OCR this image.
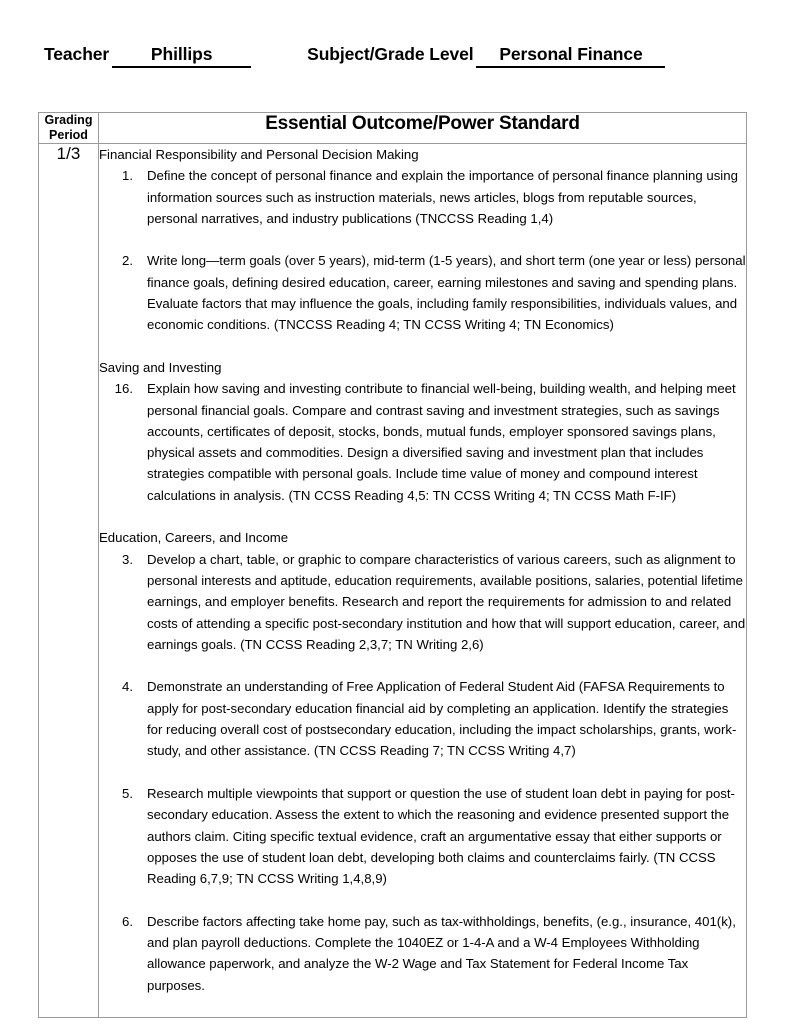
Teacher	Phillips	Subject/Grade Level	Personal Finance
Grading
Period	Essential Outcome/Power Standard
1/3	Financial Responsibility and Personal Decision Making

1. Define the concept of personal finance and explain the importance of personal finance planning using information sources such as instruction materials, news articles, blogs from reputable sources, personal narratives, and industry publications (TNCCSS Reading 1,4)

2. Write long—term goals (over 5 years), mid-term (1-5 years), and short term (one year or less) personal finance goals, defining desired education, career, earning milestones and saving and spending plans. Evaluate factors that may influence the goals, including family responsibilities, individuals values, and economic conditions. (TNCCSS Reading 4; TN CCSS Writing 4; TN Economics)

Saving and Investing

16. Explain how saving and investing contribute to financial well-being, building wealth, and helping meet personal financial goals. Compare and contrast saving and investment strategies, such as savings accounts, certificates of deposit, stocks, bonds, mutual funds, employer sponsored savings plans, physical assets and commodities. Design a diversified saving and investment plan that includes strategies compatible with personal goals. Include time value of money and compound interest calculations in analysis. (TN CCSS Reading 4,5: TN CCSS Writing 4; TN CCSS Math F-IF)

Education, Careers, and Income

3. Develop a chart, table, or graphic to compare characteristics of various careers, such as alignment to personal interests and aptitude, education requirements, available positions, salaries, potential lifetime earnings, and employer benefits. Research and report the requirements for admission to and related costs of attending a specific post-secondary institution and how that will support education, career, and earnings goals. (TN CCSS Reading 2,3,7; TN Writing 2,6)

4. Demonstrate an understanding of Free Application of Federal Student Aid (FAFSA Requirements to apply for post-secondary education financial aid by completing an application. Identify the strategies for reducing overall cost of postsecondary education, including the impact scholarships, grants, work-study, and other assistance. (TN CCSS Reading 7; TN CCSS Writing 4,7)

5. Research multiple viewpoints that support or question the use of student loan debt in paying for post-secondary education. Assess the extent to which the reasoning and evidence presented support the authors claim. Citing specific textual evidence, craft an argumentative essay that either supports or opposes the use of student loan debt, developing both claims and counterclaims fairly. (TN CCSS Reading 6,7,9; TN CCSS Writing 1,4,8,9)

6. Describe factors affecting take home pay, such as tax-withholdings, benefits, (e.g., insurance, 401(k), and plan payroll deductions. Complete the 1040EZ or 1-4-A and a W-4 Employees Withholding allowance paperwork, and analyze the W-2 Wage and Tax Statement for Federal Income Tax purposes.
